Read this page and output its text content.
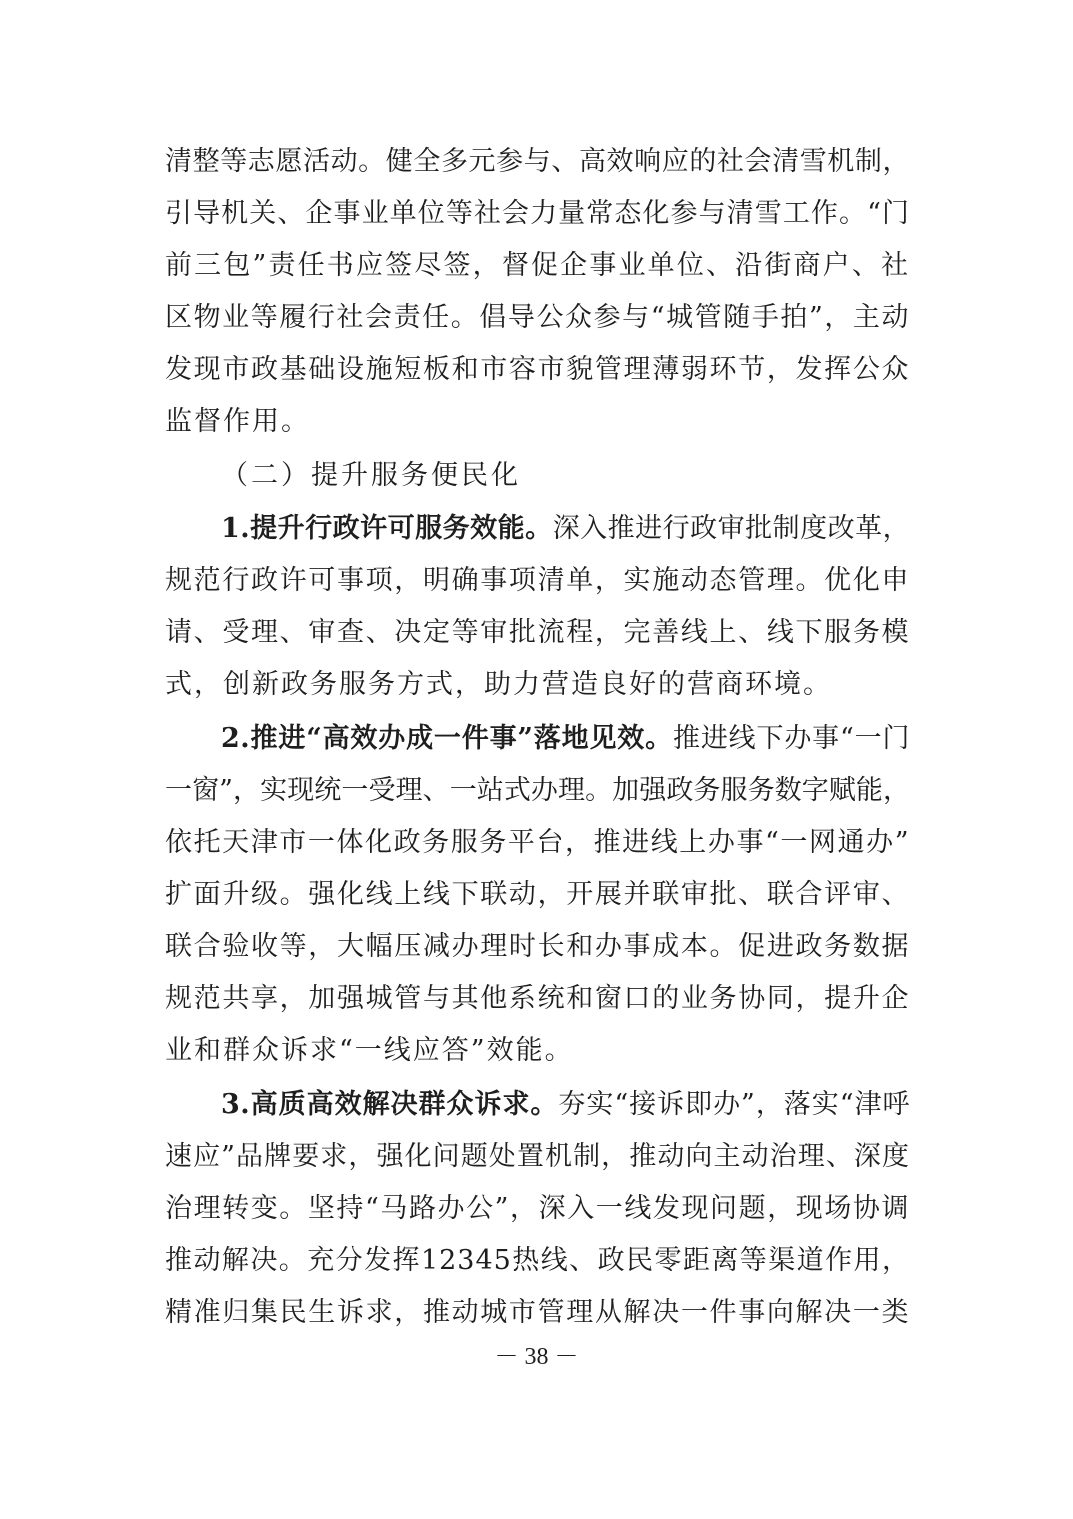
清整等志愿活动。健全多元参与、高效响应的社会清雪机制，
引导机关、企事业单位等社会力量常态化参与清雪工作。“门
前三包”责任书应签尽签，督促企事业单位、沿街商户、社
区物业等履行社会责任。倡导公众参与“城管随手拍”，主动
发现市政基础设施短板和市容市貌管理薄弱环节，发挥公众
监督作用。
（二）提升服务便民化
1.提升行政许可服务效能。深入推进行政审批制度改革，
规范行政许可事项，明确事项清单，实施动态管理。优化申
请、受理、审查、决定等审批流程，完善线上、线下服务模
式，创新政务服务方式，助力营造良好的营商环境。
2.推进“高效办成一件事”落地见效。推进线下办事“一门
一窗”，实现统一受理、一站式办理。加强政务服务数字赋能，
依托天津市一体化政务服务平台，推进线上办事“一网通办”
扩面升级。强化线上线下联动，开展并联审批、联合评审、
联合验收等，大幅压减办理时长和办事成本。促进政务数据
规范共享，加强城管与其他系统和窗口的业务协同，提升企
业和群众诉求“一线应答”效能。
3.高质高效解决群众诉求。夯实“接诉即办”，落实“津呼
速应”品牌要求，强化问题处置机制，推动向主动治理、深度
治理转变。坚持“马路办公”，深入一线发现问题，现场协调
推动解决。充分发挥12345热线、政民零距离等渠道作用，
精准归集民生诉求，推动城市管理从解决一件事向解决一类
－ 38 －
